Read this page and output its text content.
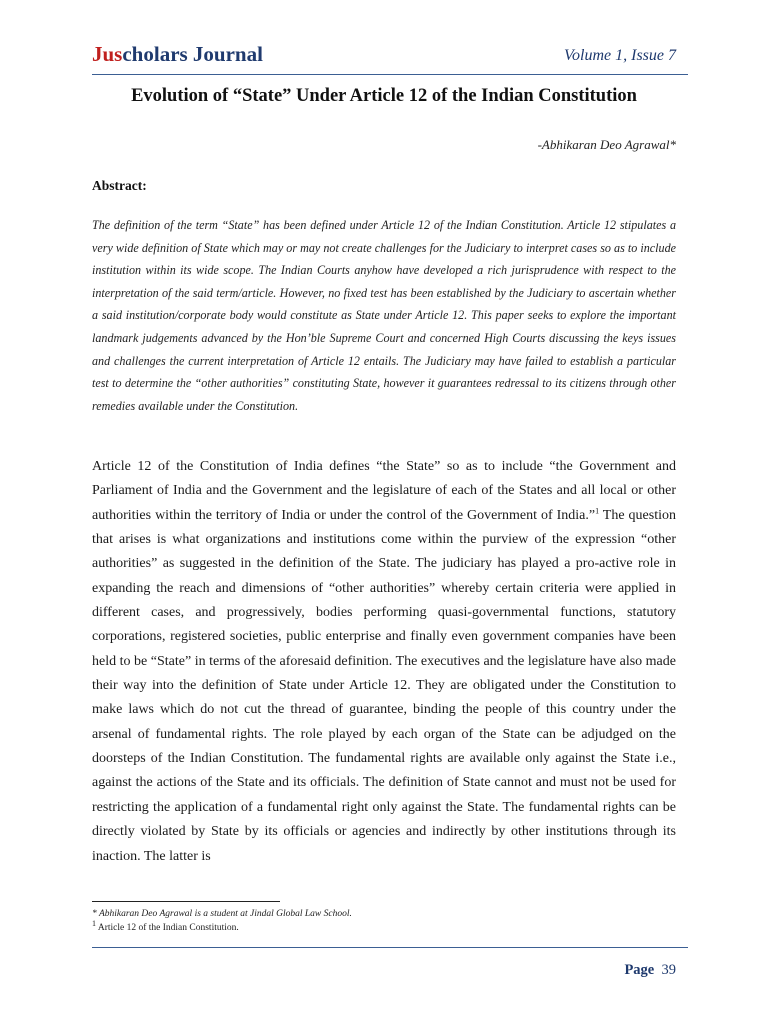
Juscholars Journal	Volume 1, Issue 7
Evolution of “State” Under Article 12 of the Indian Constitution
-Abhikaran Deo Agrawal*
Abstract:

The definition of the term “State” has been defined under Article 12 of the Indian Constitution. Article 12 stipulates a very wide definition of State which may or may not create challenges for the Judiciary to interpret cases so as to include institution within its wide scope. The Indian Courts anyhow have developed a rich jurisprudence with respect to the interpretation of the said term/article. However, no fixed test has been established by the Judiciary to ascertain whether a said institution/corporate body would constitute as State under Article 12. This paper seeks to explore the important landmark judgements advanced by the Hon’ble Supreme Court and concerned High Courts discussing the keys issues and challenges the current interpretation of Article 12 entails. The Judiciary may have failed to establish a particular test to determine the “other authorities” constituting State, however it guarantees redressal to its citizens through other remedies available under the Constitution.

Article 12 of the Constitution of India defines “the State” so as to include “the Government and Parliament of India and the Government and the legislature of each of the States and all local or other authorities within the territory of India or under the control of the Government of India.”$^1$ The question that arises is what organizations and institutions come within the purview of the expression “other authorities” as suggested in the definition of the State. The judiciary has played a pro-active role in expanding the reach and dimensions of “other authorities” whereby certain criteria were applied in different cases, and progressively, bodies performing quasi-governmental functions, statutory corporations, registered societies, public enterprise and finally even government companies have been held to be “State” in terms of the aforesaid definition. The executives and the legislature have also made their way into the definition of State under Article 12. They are obligated under the Constitution to make laws which do not cut the thread of guarantee, binding the people of this country under the arsenal of fundamental rights. The role played by each organ of the State can be adjudged on the doorsteps of the Indian Constitution. The fundamental rights are available only against the State i.e., against the actions of the State and its officials. The definition of State cannot and must not be used for restricting the application of a fundamental right only against the State. The fundamental rights can be directly violated by State by its officials or agencies and indirectly by other institutions through its inaction. The latter is

* Abhikaran Deo Agrawal is a student at Jindal Global Law School.

$^1$ Article 12 of the Indian Constitution.

Page 39
